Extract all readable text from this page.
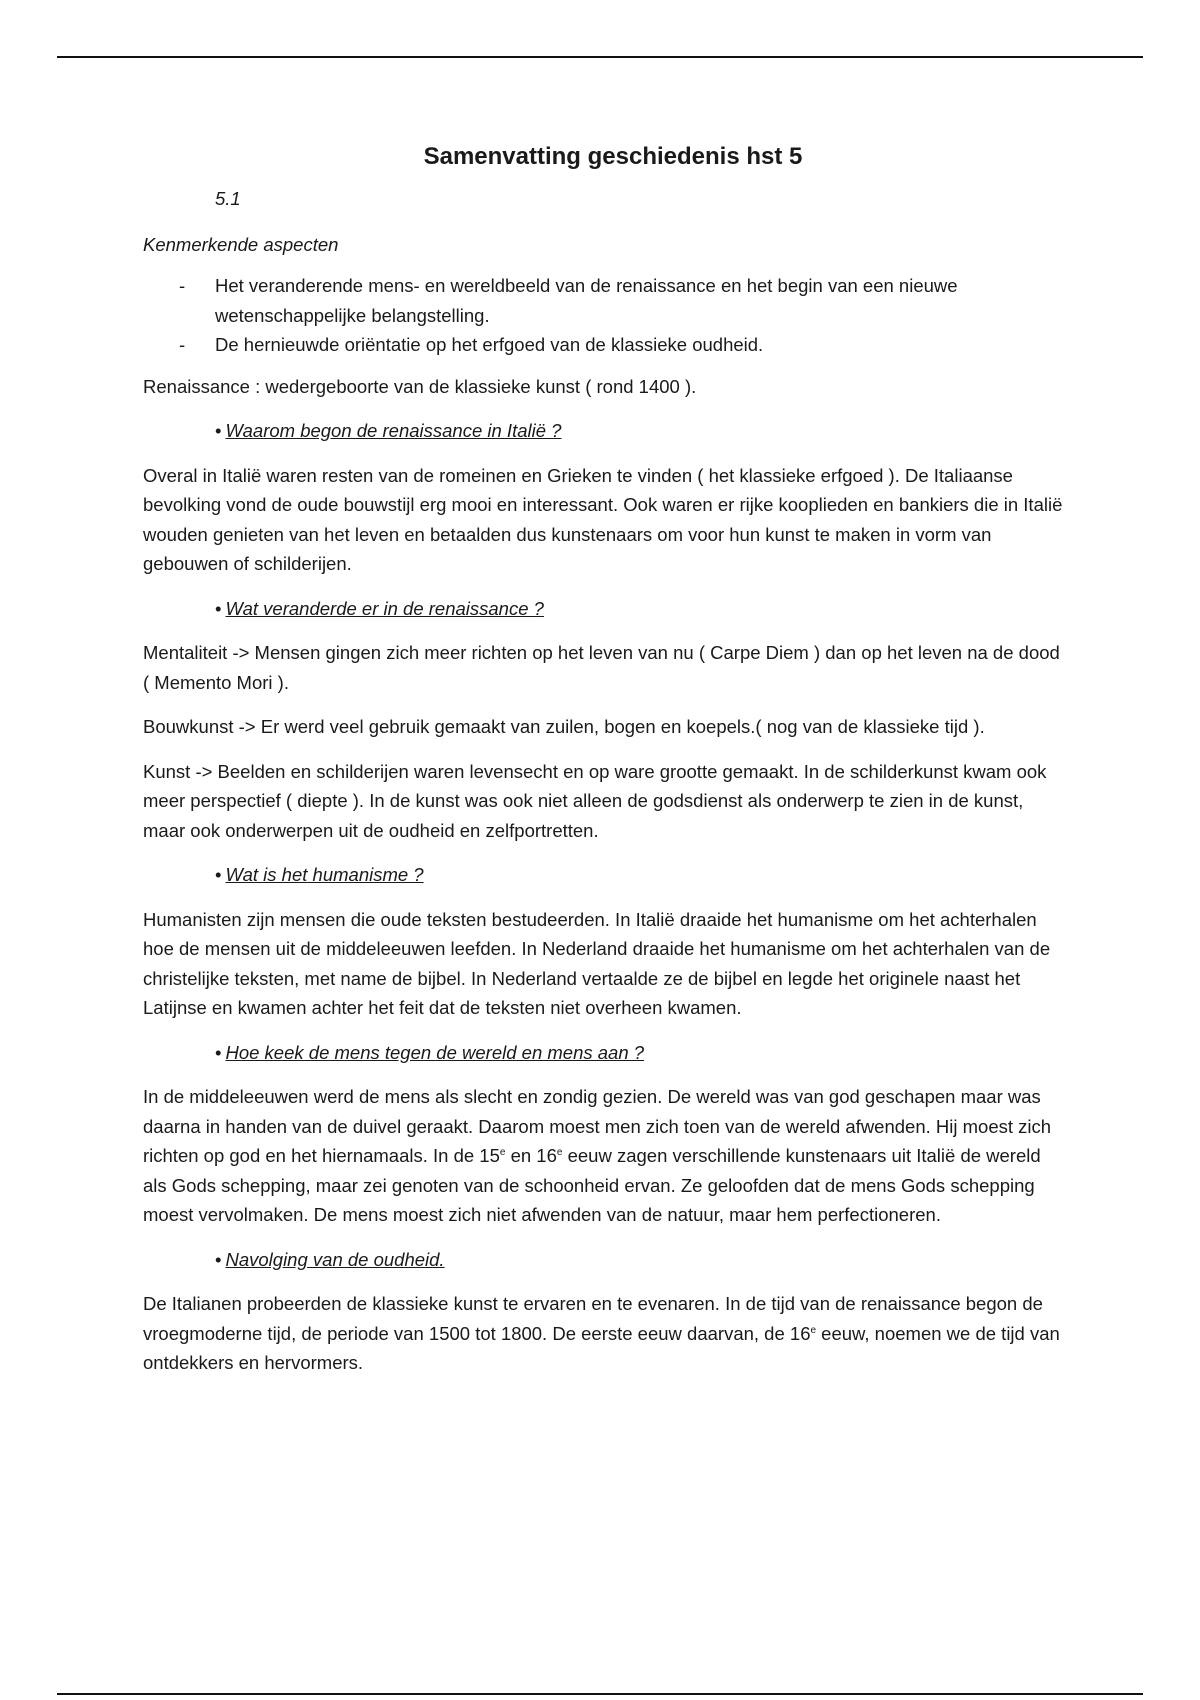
Samenvatting geschiedenis hst 5
5.1
Kenmerkende aspecten
- Het veranderende mens- en wereldbeeld van de renaissance en het begin van een nieuwe wetenschappelijke belangstelling.
- De hernieuwde oriëntatie op het erfgoed van de klassieke oudheid.

Renaissance : wedergeboorte van de klassieke kunst ( rond 1400 ).

• Waarom begon de renaissance in Italië ?

Overal in Italië waren resten van de romeinen en Grieken te vinden ( het klassieke erfgoed ). De Italiaanse bevolking vond de oude bouwstijl erg mooi en interessant. Ook waren er rijke kooplieden en bankiers die in Italië wouden genieten van het leven en betaalden dus kunstenaars om voor hun kunst te maken in vorm van gebouwen of schilderijen.

• Wat veranderde er in de renaissance ?

Mentaliteit -> Mensen gingen zich meer richten op het leven van nu ( Carpe Diem ) dan op het leven na de dood ( Memento Mori ).

Bouwkunst -> Er werd veel gebruik gemaakt van zuilen, bogen en koepels.( nog van de klassieke tijd ).

Kunst -> Beelden en schilderijen waren levensecht en op ware grootte gemaakt. In de schilderkunst kwam ook meer perspectief ( diepte ). In de kunst was ook niet alleen de godsdienst als onderwerp te zien in de kunst, maar ook onderwerpen uit de oudheid en zelfportretten.

• Wat is het humanisme ?

Humanisten zijn mensen die oude teksten bestudeerden. In Italië draaide het humanisme om het achterhalen hoe de mensen uit de middeleeuwen leefden. In Nederland draaide het humanisme om het achterhalen van de christelijke teksten, met name de bijbel. In Nederland vertaalde ze de bijbel en legde het originele naast het Latijnse en kwamen achter het feit dat de teksten niet overheen kwamen.

• Hoe keek de mens tegen de wereld en mens aan ?

In de middeleeuwen werd de mens als slecht en zondig gezien. De wereld was van god geschapen maar was daarna in handen van de duivel geraakt. Daarom moest men zich toen van de wereld afwenden. Hij moest zich richten op god en het hiernamaals. In de 15e en 16e eeuw zagen verschillende kunstenaars uit Italië de wereld als Gods schepping, maar zei genoten van de schoonheid ervan. Ze geloofden dat de mens Gods schepping moest vervolmaken. De mens moest zich niet afwenden van de natuur, maar hem perfectioneren.

• Navolging van de oudheid.

De Italianen probeerden de klassieke kunst te ervaren en te evenaren. In de tijd van de renaissance begon de vroegmoderne tijd, de periode van 1500 tot 1800. De eerste eeuw daarvan, de 16e eeuw, noemen we de tijd van ontdekkers en hervormers.
